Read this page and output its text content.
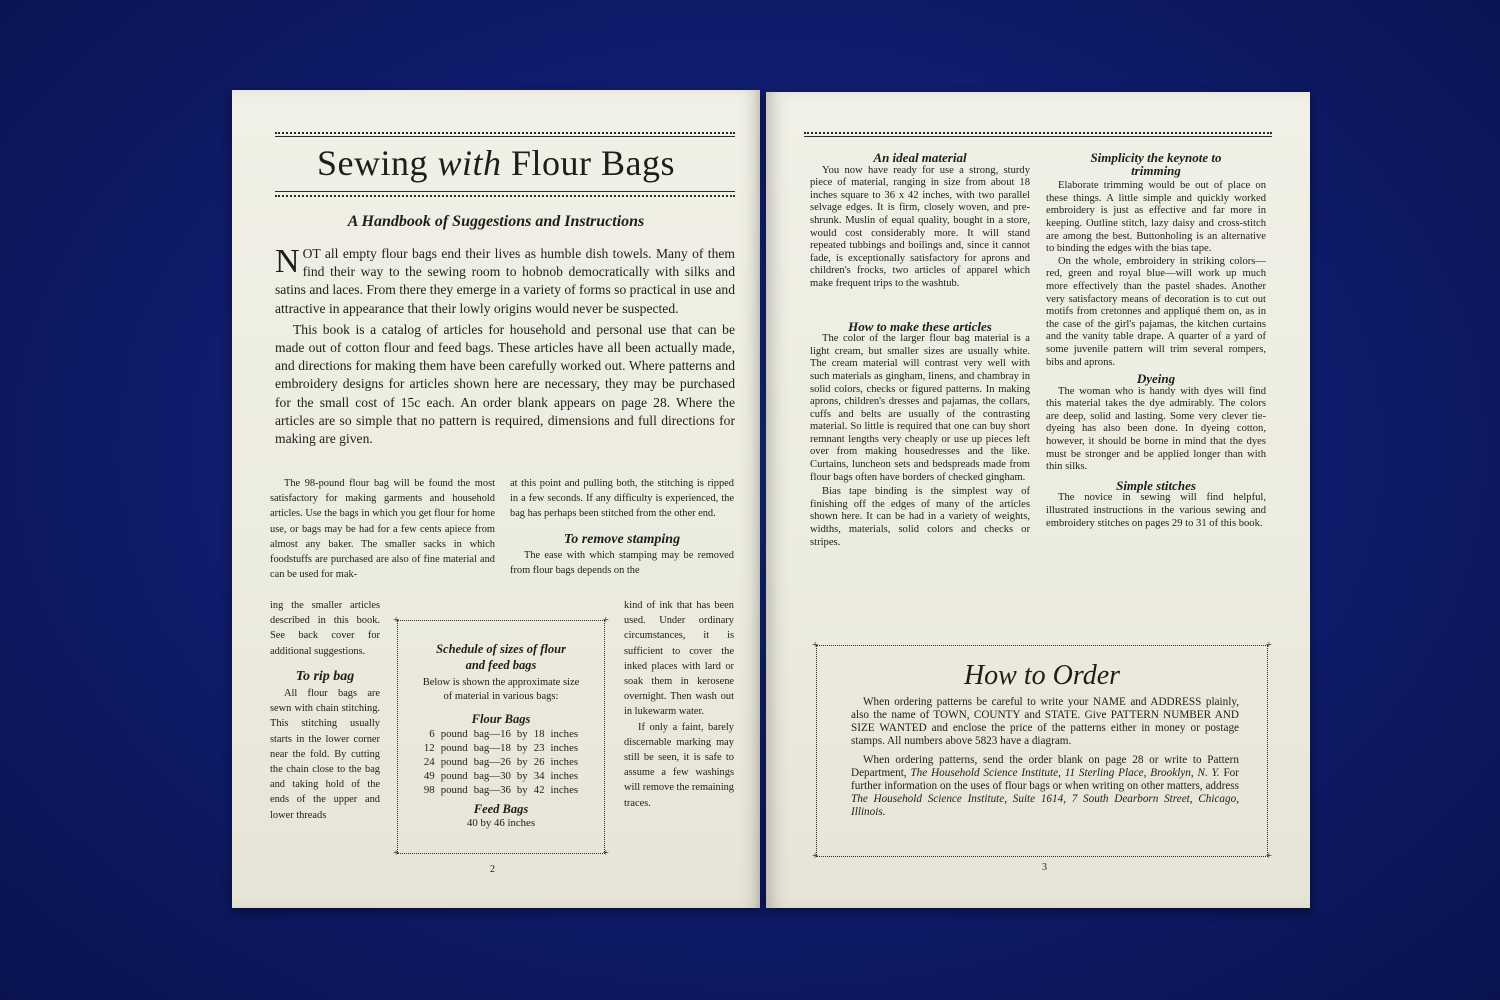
Sewing with Flour Bags
A Handbook of Suggestions and Instructions

NOT all empty flour bags end their lives as humble dish towels. Many of them find their way to the sewing room to hobnob democratically with silks and satins and laces. From there they emerge in a variety of forms so practical in use and attractive in appearance that their lowly origins would never be suspected.

This book is a catalog of articles for household and personal use that can be made out of cotton flour and feed bags. These articles have all been actually made, and directions for making them have been carefully worked out. Where patterns and embroidery designs for articles shown here are necessary, they may be purchased for the small cost of 15c each. An order blank appears on page 28. Where the articles are so simple that no pattern is required, dimensions and full directions for making are given.

The 98-pound flour bag will be found the most satisfactory for making garments and household articles. Use the bags in which you get flour for home use, or bags may be had for a few cents apiece from almost any baker. The smaller sacks in which foodstuffs are purchased are also of fine material and can be used for mak-

ing the smaller articles described in this book. See back cover for additional suggestions.

To rip bag

All flour bags are sewn with chain stitching. This stitching usually starts in the lower corner near the fold. By cutting the chain close to the bag and taking hold of the ends of the upper and lower threads

at this point and pulling both, the stitching is ripped in a few seconds. If any difficulty is experienced, the bag has perhaps been stitched from the other end.

To remove stamping

The ease with which stamping may be removed from flour bags depends on the

kind of ink that has been used. Under ordinary circumstances, it is sufficient to cover the inked places with lard or soak them in kerosene overnight. Then wash out in lukewarm water.

If only a faint, barely discernable marking may still be seen, it is safe to assume a few washings will remove the remaining traces.

+	+
+	+
Schedule of sizes of flour
and feed bags
Below is shown the approximate size of material in various bags:
Flour Bags
6	pound	bag—16	by	18	inches
12	pound	bag—18	by	23	inches
24	pound	bag—26	by	26	inches
49	pound	bag—30	by	34	inches
98	pound	bag—36	by	42	inches
Feed Bags
40 by 46 inches
2

An ideal material

You now have ready for use a strong, sturdy piece of material, ranging in size from about 18 inches square to 36 x 42 inches, with two parallel selvage edges. It is firm, closely woven, and pre-shrunk. Muslin of equal quality, bought in a store, would cost considerably more. It will stand repeated tubbings and boilings and, since it cannot fade, is exceptionally satisfactory for aprons and children's frocks, two articles of apparel which make frequent trips to the washtub.

How to make these articles

The color of the larger flour bag material is a light cream, but smaller sizes are usually white. The cream material will contrast very well with such materials as gingham, linens, and chambray in solid colors, checks or figured patterns. In making aprons, children's dresses and pajamas, the collars, cuffs and belts are usually of the contrasting material. So little is required that one can buy short remnant lengths very cheaply or use up pieces left over from making housedresses and the like. Curtains, luncheon sets and bedspreads made from flour bags often have borders of checked gingham.

Bias tape binding is the simplest way of finishing off the edges of many of the articles shown here. It can be had in a variety of weights, widths, materials, solid colors and checks or stripes.

Simplicity the keynote to
trimming

Elaborate trimming would be out of place on these things. A little simple and quickly worked embroidery is just as effective and far more in keeping. Outline stitch, lazy daisy and cross-stitch are among the best. Buttonholing is an alternative to binding the edges with the bias tape.

On the whole, embroidery in striking colors—red, green and royal blue—will work up much more effectively than the pastel shades. Another very satisfactory means of decoration is to cut out motifs from cretonnes and appliqué them on, as in the case of the girl's pajamas, the kitchen curtains and the vanity table drape. A quarter of a yard of some juvenile pattern will trim several rompers, bibs and aprons.

Dyeing

The woman who is handy with dyes will find this material takes the dye admirably. The colors are deep, solid and lasting. Some very clever tie-dyeing has also been done. In dyeing cotton, however, it should be borne in mind that the dyes must be stronger and be applied longer than with thin silks.

Simple stitches

The novice in sewing will find helpful, illustrated instructions in the various sewing and embroidery stitches on pages 29 to 31 of this book.

+	+
+	+
How to Order

When ordering patterns be careful to write your NAME and ADDRESS plainly, also the name of TOWN, COUNTY and STATE. Give PATTERN NUMBER AND SIZE WANTED and enclose the price of the patterns either in money or postage stamps. All numbers above 5823 have a diagram.

When ordering patterns, send the order blank on page 28 or write to Pattern Department, The Household Science Institute, 11 Sterling Place, Brooklyn, N. Y. For further information on the uses of flour bags or when writing on other matters, address The Household Science Institute, Suite 1614, 7 South Dearborn Street, Chicago, Illinois.

3
